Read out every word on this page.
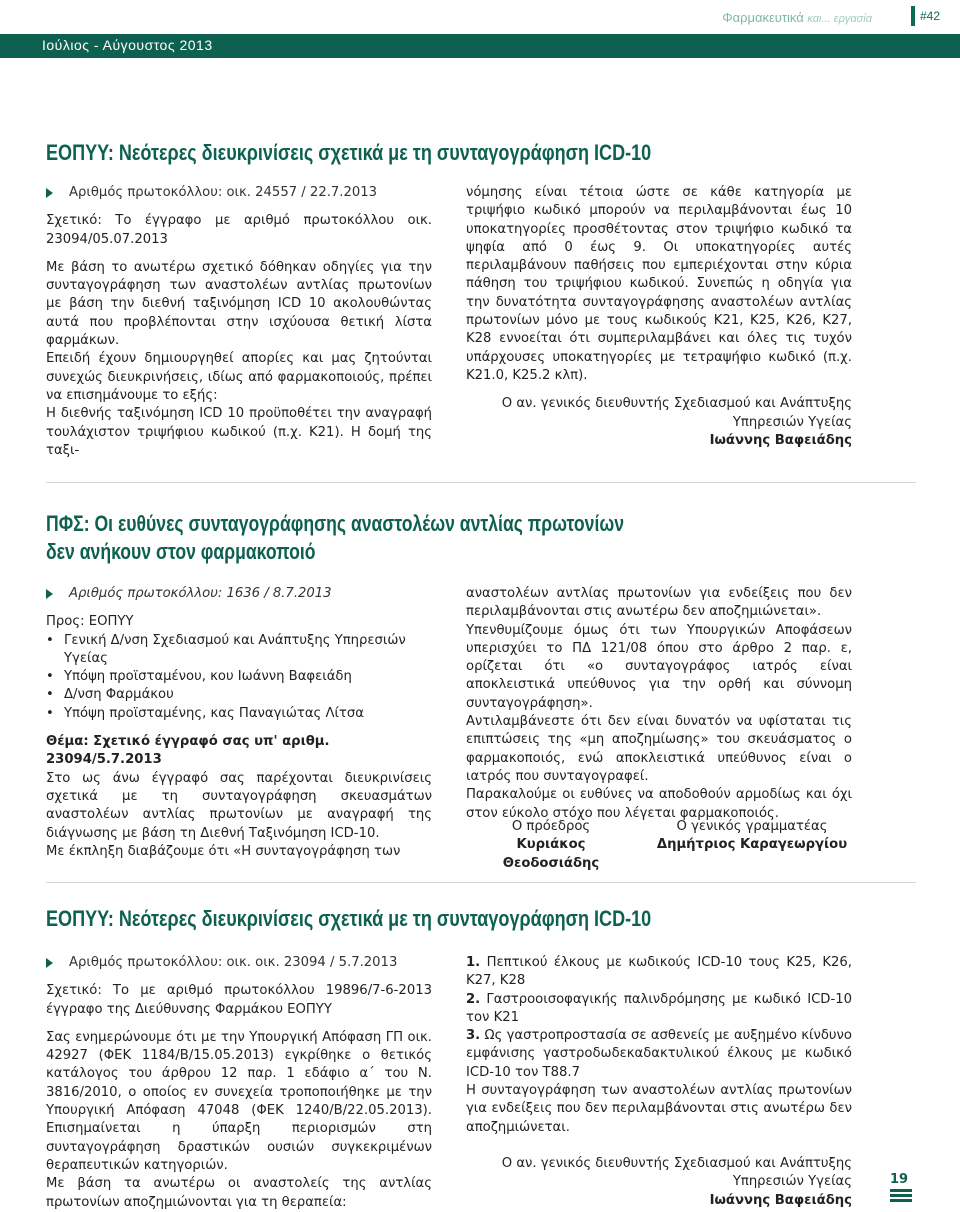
Φαρμακευτικά και... εργασία	#42
Ιούλιος - Αύγουστος 2013
ΕΟΠΥΥ: Νεότερες διευκρινίσεις σχετικά με τη συνταγογράφηση ICD-10
Αριθμός πρωτοκόλλου: οικ. 24557 / 22.7.2013

Σχετικό: Το έγγραφο με αριθμό πρωτοκόλλου οικ. 23094/05.07.2013

Με βάση το ανωτέρω σχετικό δόθηκαν οδηγίες για την συνταγογράφηση των αναστολέων αντλίας πρωτονίων με βάση την διεθνή ταξινόμηση ICD 10 ακολουθώντας αυτά που προβλέπονται στην ισχύουσα θετική λίστα φαρμάκων.

Επειδή έχουν δημιουργηθεί απορίες και μας ζητούνται συνεχώς διευκρινήσεις, ιδίως από φαρμακοποιούς, πρέπει να επισημάνουμε το εξής:

Η διεθνής ταξινόμηση ICD 10 προϋποθέτει την αναγραφή τουλάχιστον τριψήφιου κωδικού (π.χ. Κ21). Η δομή της ταξι-

νόμησης είναι τέτοια ώστε σε κάθε κατηγορία με τριψήφιο κωδικό μπορούν να περιλαμβάνονται έως 10 υποκατηγορίες προσθέτοντας στον τριψήφιο κωδικό τα ψηφία από 0 έως 9. Οι υποκατηγορίες αυτές περιλαμβάνουν παθήσεις που εμπεριέχονται στην κύρια πάθηση του τριψήφιου κωδικού. Συνεπώς η οδηγία για την δυνατότητα συνταγογράφησης αναστολέων αντλίας πρωτονίων μόνο με τους κωδικούς Κ21, Κ25, Κ26, Κ27, Κ28 εννοείται ότι συμπεριλαμβάνει και όλες τις τυχόν υπάρχουσες υποκατηγορίες με τετραψήφιο κωδικό (π.χ. Κ21.0, Κ25.2 κλπ).

Ο αν. γενικός διευθυντής Σχεδιασμού και Ανάπτυξης

Υπηρεσιών Υγείας

Ιωάννης Βαφειάδης

ΠΦΣ: Οι ευθύνες συνταγογράφησης αναστολέων αντλίας πρωτονίων
δεν ανήκουν στον φαρμακοποιό
Αριθμός πρωτοκόλλου: 1636 / 8.7.2013

Προς: ΕΟΠΥΥ

• Γενική Δ/νση Σχεδιασμού και Ανάπτυξης Υπηρεσιών Υγείας
• Υπόψη προϊσταμένου, κου Ιωάννη Βαφειάδη
• Δ/νση Φαρμάκου
• Υπόψη προϊσταμένης, κας Παναγιώτας Λίτσα

Θέμα: Σχετικό έγγραφό σας υπ' αριθμ. 23094/5.7.2013

Στο ως άνω έγγραφό σας παρέχονται διευκρινίσεις σχετικά με τη συνταγογράφηση σκευασμάτων αναστολέων αντλίας πρωτονίων με αναγραφή της διάγνωσης με βάση τη Διεθνή Ταξινόμηση ICD-10.

Με έκπληξη διαβάζουμε ότι «Η συνταγογράφηση των

αναστολέων αντλίας πρωτονίων για ενδείξεις που δεν περιλαμβάνονται στις ανωτέρω δεν αποζημιώνεται».

Υπενθυμίζουμε όμως ότι των Υπουργικών Αποφάσεων υπερισχύει το ΠΔ 121/08 όπου στο άρθρο 2 παρ. ε, ορίζεται ότι «ο συνταγογράφος ιατρός είναι αποκλειστικά υπεύθυνος για την ορθή και σύννομη συνταγογράφηση».

Αντιλαμβάνεστε ότι δεν είναι δυνατόν να υφίσταται τις επιπτώσεις της «μη αποζημίωσης» του σκευάσματος ο φαρμακοποιός, ενώ αποκλειστικά υπεύθυνος είναι ο ιατρός που συνταγογραφεί.

Παρακαλούμε οι ευθύνες να αποδοθούν αρμοδίως και όχι στον εύκολο στόχο που λέγεται φαρμακοποιός.

Ο πρόεδρος

Κυριάκος Θεοδοσιάδης

Ο γενικός γραμματέας

Δημήτριος Καραγεωργίου

ΕΟΠΥΥ: Νεότερες διευκρινίσεις σχετικά με τη συνταγογράφηση ICD-10
Αριθμός πρωτοκόλλου: οικ. οικ. 23094 / 5.7.2013

Σχετικό: Το με αριθμό πρωτοκόλλου 19896/7-6-2013 έγγραφο της Διεύθυνσης Φαρμάκου ΕΟΠΥΥ

Σας ενημερώνουμε ότι με την Υπουργική Απόφαση ΓΠ οικ. 42927 (ΦΕΚ 1184/Β/15.05.2013) εγκρίθηκε ο θετικός κατάλογος του άρθρου 12 παρ. 1 εδάφιο α΄ του Ν. 3816/2010, ο οποίος εν συνεχεία τροποποιήθηκε με την Υπουργική Απόφαση 47048 (ΦΕΚ 1240/Β/22.05.2013). Επισημαίνεται η ύπαρξη περιορισμών στη συνταγογράφηση δραστικών ουσιών συγκεκριμένων θεραπευτικών κατηγοριών.

Με βάση τα ανωτέρω οι αναστολείς της αντλίας πρωτονίων αποζημιώνονται για τη θεραπεία:

1. Πεπτικού έλκους με κωδικούς ICD-10 τους Κ25, Κ26, Κ27, Κ28

2. Γαστροοισοφαγικής παλινδρόμησης με κωδικό ICD-10 τον Κ21

3. Ως γαστροπροστασία σε ασθενείς με αυξημένο κίνδυνο εμφάνισης γαστροδωδεκαδακτυλικού έλκους με κωδικό ICD-10 τον Τ88.7

Η συνταγογράφηση των αναστολέων αντλίας πρωτονίων για ενδείξεις που δεν περιλαμβάνονται στις ανωτέρω δεν αποζημιώνεται.

Ο αν. γενικός διευθυντής Σχεδιασμού και Ανάπτυξης

Υπηρεσιών Υγείας

Ιωάννης Βαφειάδης

19
